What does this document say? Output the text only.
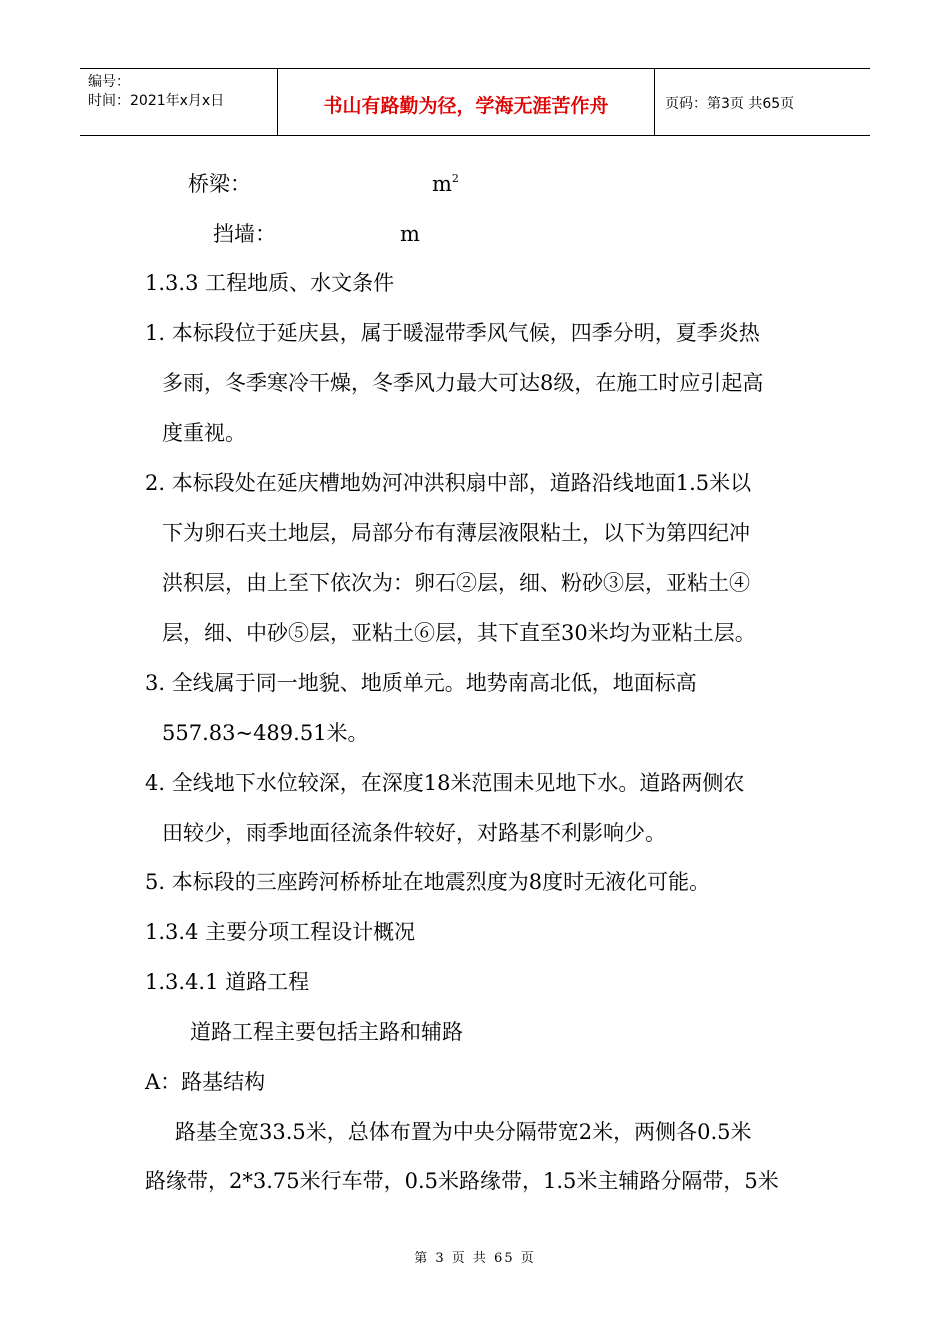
编号：
时间：2021年x月x日	书山有路勤为径，学海无涯苦作舟	页码：第3页 共65页
桥梁：	$m^2$
挡墙：	m
1.3.3 工程地质、水文条件
1. 本标段位于延庆县，属于暖湿带季风气候，四季分明，夏季炎热
多雨，冬季寒冷干燥，冬季风力最大可达8级，在施工时应引起高
度重视。
2. 本标段处在延庆槽地妫河冲洪积扇中部，道路沿线地面1.5米以
下为卵石夹土地层，局部分布有薄层液限粘土，以下为第四纪冲
洪积层，由上至下依次为：卵石②层，细、粉砂③层，亚粘土④
层，细、中砂⑤层，亚粘土⑥层，其下直至30米均为亚粘土层。
3. 全线属于同一地貌、地质单元。地势南高北低，地面标高
557.83~489.51米。
4. 全线地下水位较深，在深度18米范围未见地下水。道路两侧农
田较少，雨季地面径流条件较好，对路基不利影响少。
5. 本标段的三座跨河桥桥址在地震烈度为8度时无液化可能。
1.3.4 主要分项工程设计概况
1.3.4.1 道路工程
道路工程主要包括主路和辅路
A：路基结构
路基全宽33.5米，总体布置为中央分隔带宽2米，两侧各0.5米
路缘带，2*3.75米行车带，0.5米路缘带，1.5米主辅路分隔带，5米
第 3 页 共 65 页
